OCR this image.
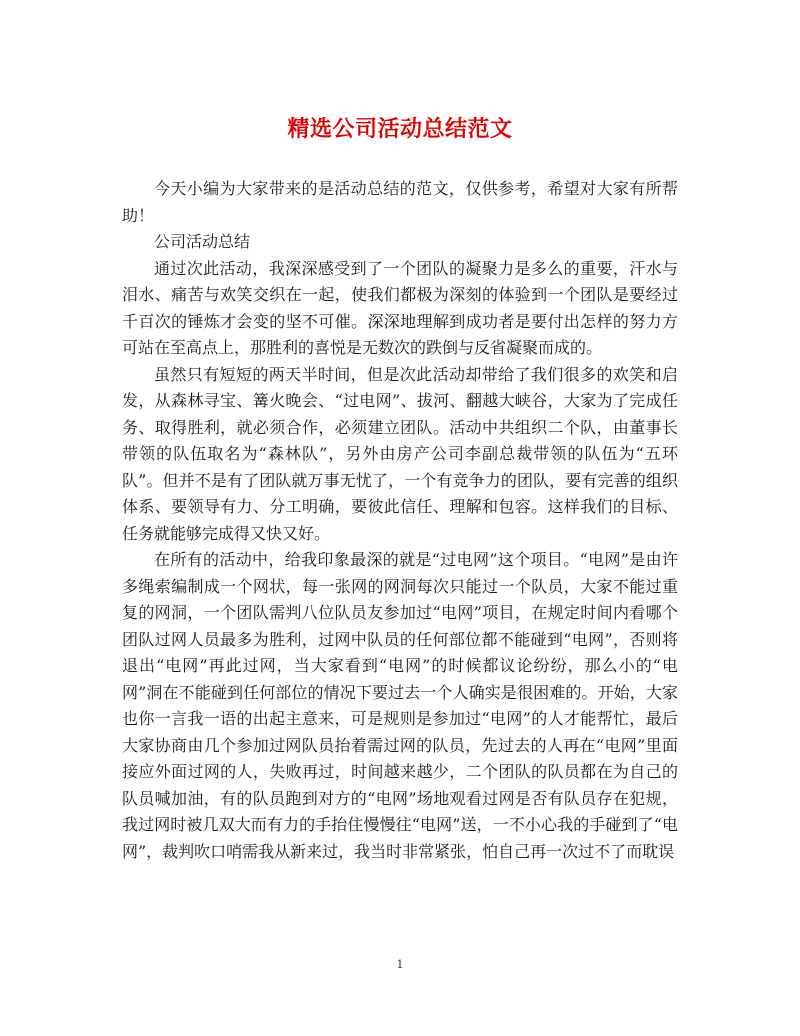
精选公司活动总结范文

今天小编为大家带来的是活动总结的范文，仅供参考，希望对大家有所帮助！

公司活动总结

通过次此活动，我深深感受到了一个团队的凝聚力是多么的重要，汗水与泪水、痛苦与欢笑交织在一起，使我们都极为深刻的体验到一个团队是要经过千百次的锤炼才会变的坚不可催。深深地理解到成功者是要付出怎样的努力方可站在至高点上，那胜利的喜悦是无数次的跌倒与反省凝聚而成的。

虽然只有短短的两天半时间，但是次此活动却带给了我们很多的欢笑和启发，从森林寻宝、篝火晚会、“过电网”、拔河、翻越大峡谷，大家为了完成任务、取得胜利，就必须合作，必须建立团队。活动中共组织二个队，由董事长带领的队伍取名为“森林队”，另外由房产公司李副总裁带领的队伍为“五环队”。但并不是有了团队就万事无忧了，一个有竞争力的团队，要有完善的组织体系、要领导有力、分工明确，要彼此信任、理解和包容。这样我们的目标、任务就能够完成得又快又好。

在所有的活动中，给我印象最深的就是“过电网”这个项目。“电网”是由许多绳索编制成一个网状，每一张网的网洞每次只能过一个队员，大家不能过重复的网洞，一个团队需判八位队员友参加过“电网”项目，在规定时间内看哪个团队过网人员最多为胜利，过网中队员的任何部位都不能碰到“电网”，否则将退出“电网”再此过网，当大家看到“电网”的时候都议论纷纷，那么小的“电网”洞在不能碰到任何部位的情况下要过去一个人确实是很困难的。开始，大家也你一言我一语的出起主意来，可是规则是参加过“电网”的人才能帮忙，最后大家协商由几个参加过网队员抬着需过网的队员，先过去的人再在“电网”里面接应外面过网的人，失败再过，时间越来越少，二个团队的队员都在为自己的队员喊加油，有的队员跑到对方的“电网”场地观看过网是否有队员存在犯规，我过网时被几双大而有力的手抬住慢慢往“电网”送，一不小心我的手碰到了“电网”，裁判吹口哨需我从新来过，我当时非常紧张，怕自己再一次过不了而耽误

1
